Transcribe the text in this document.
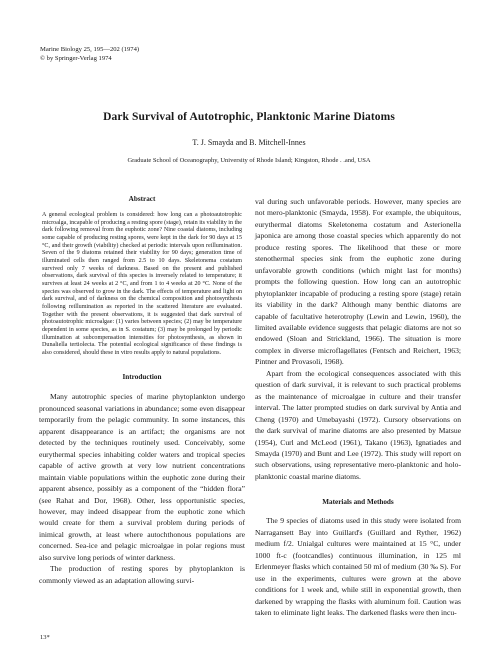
Marine Biology 25, 195—202 (1974)
© by Springer-Verlag 1974
Dark Survival of Autotrophic, Planktonic Marine Diatoms
T. J. Smayda and B. Mitchell-Innes
Graduate School of Oceanography, University of Rhode Island; Kingston, Rhode . .and, USA
Abstract
A general ecological problem is considered: how long can a photoautotrophic microalga, incapable of producing a resting spore (stage), retain its viability in the dark following removal from the euphotic zone? Nine coastal diatoms, including some capable of producing resting spores, were kept in the dark for 90 days at 15 °C, and their growth (viability) checked at periodic intervals upon reillumination. Seven of the 9 diatoms retained their viability for 90 days; generation time of illuminated cells then ranged from 2.5 to 10 days. Skeletonema costatum survived only 7 weeks of darkness. Based on the present and published observations, dark survival of this species is inversely related to temperature; it survives at least 24 weeks at 2 °C, and from 1 to 4 weeks at 20 °C. None of the species was observed to grow in the dark. The effects of temperature and light on dark survival, and of darkness on the chemical composition and photosynthesis following reillumination as reported in the scattered literature are evaluated. Together with the present observations, it is suggested that dark survival of photoautotrophic microalgae: (1) varies between species; (2) may be temperature dependent in some species, as in S. costatum; (3) may be prolonged by periodic illumination at subcompensation intensities for photosynthesis, as shown in Dunaliella tertiolecta. The potential ecological significance of these findings is also considered, should these in vitro results apply to natural populations.
Introduction

Many autotrophic species of marine phytoplankton undergo pronounced seasonal variations in abundance; some even disappear temporarily from the pelagic community. In some instances, this apparent disappearance is an artifact; the organisms are not detected by the techniques routinely used. Conceivably, some eurythermal species inhabiting colder waters and tropical species capable of active growth at very low nutrient concentrations maintain viable populations within the euphotic zone during their apparent absence, possibly as a component of the “hidden flora” (see Rahat and Dor, 1968). Other, less opportunistic species, however, may indeed disappear from the euphotic zone which would create for them a survival problem during periods of inimical growth, at least where autochthonous populations are concerned. Sea-ice and pelagic microalgae in polar regions must also survive long periods of winter darkness.

The production of resting spores by phytoplankton is commonly viewed as an adaptation allowing survi-

val during such unfavorable periods. However, many species are not mero-planktonic (Smayda, 1958). For example, the ubiquitous, eurythermal diatoms Skeletonema costatum and Asterionella japonica are among those coastal species which apparently do not produce resting spores. The likelihood that these or more stenothermal species sink from the euphotic zone during unfavorable growth conditions (which might last for months) prompts the following question. How long can an autotrophic phytoplankter incapable of producing a resting spore (stage) retain its viability in the dark? Although many benthic diatoms are capable of facultative heterotrophy (Lewin and Lewin, 1960), the limited available evidence suggests that pelagic diatoms are not so endowed (Sloan and Strickland, 1966). The situation is more complex in diverse microflagellates (Fentsch and Reichert, 1963; Pintner and Provasoli, 1968).

Apart from the ecological consequences associated with this question of dark survival, it is relevant to such practical problems as the maintenance of microalgae in culture and their transfer interval. The latter prompted studies on dark survival by Antia and Cheng (1970) and Umebayashi (1972). Cursory observations on the dark survival of marine diatoms are also presented by Matsue (1954), Curl and McLeod (1961), Takano (1963), Ignatiades and Smayda (1970) and Bunt and Lee (1972). This study will report on such observations, using representative mero-planktonic and holo-planktonic coastal marine diatoms.

Materials and Methods

The 9 species of diatoms used in this study were isolated from Narragansett Bay into Guillard's (Guillard and Ryther, 1962) medium f/2. Unialgal cultures were maintained at 15 °C, under 1000 ft-c (footcandles) continuous illumination, in 125 ml Erlenmeyer flasks which contained 50 ml of medium (30 ‰ S). For use in the experiments, cultures were grown at the above conditions for 1 week and, while still in exponential growth, then darkened by wrapping the flasks with aluminum foil. Caution was taken to eliminate light leaks. The darkened flasks were then incu-

13*
